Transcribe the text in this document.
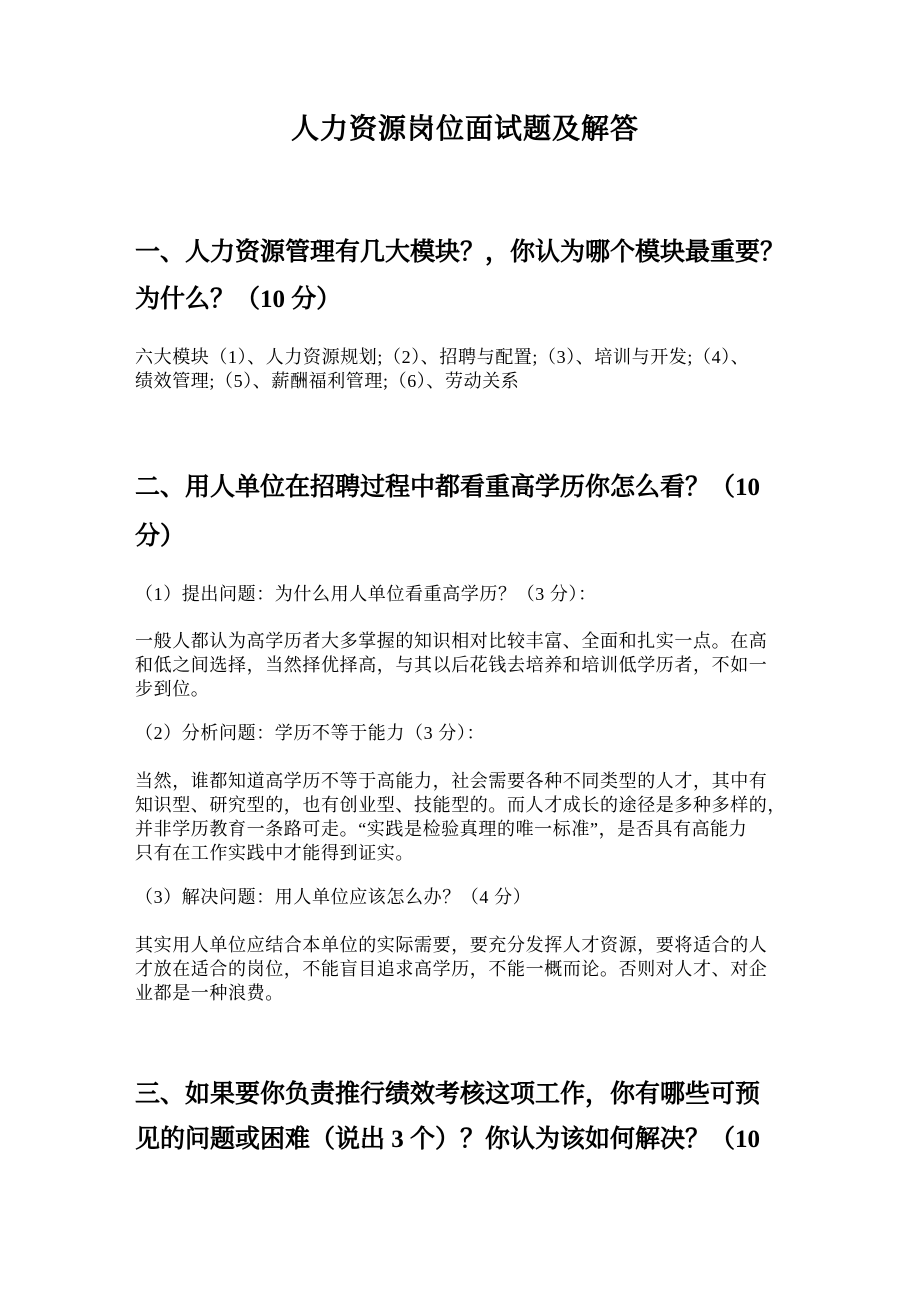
人力资源岗位面试题及解答
一、人力资源管理有几大模块？，你认为哪个模块最重要？
为什么？（10 分）
六大模块（1）、人力资源规划;（2）、招聘与配置;（3）、培训与开发;（4）、
绩效管理;（5）、薪酬福利管理;（6）、劳动关系
二、用人单位在招聘过程中都看重高学历你怎么看？（10
分）
（1）提出问题：为什么用人单位看重高学历？（3 分）：
一般人都认为高学历者大多掌握的知识相对比较丰富、全面和扎实一点。在高
和低之间选择，当然择优择高，与其以后花钱去培养和培训低学历者，不如一
步到位。
（2）分析问题：学历不等于能力（3 分）：
当然，谁都知道高学历不等于高能力，社会需要各种不同类型的人才，其中有
知识型、研究型的，也有创业型、技能型的。而人才成长的途径是多种多样的，
并非学历教育一条路可走。“实践是检验真理的唯一标准”，是否具有高能力
只有在工作实践中才能得到证实。
（3）解决问题：用人单位应该怎么办？（4 分）
其实用人单位应结合本单位的实际需要，要充分发挥人才资源，要将适合的人
才放在适合的岗位，不能盲目追求高学历，不能一概而论。否则对人才、对企
业都是一种浪费。
三、如果要你负责推行绩效考核这项工作，你有哪些可预
见的问题或困难（说出 3 个）？你认为该如何解决？（10
